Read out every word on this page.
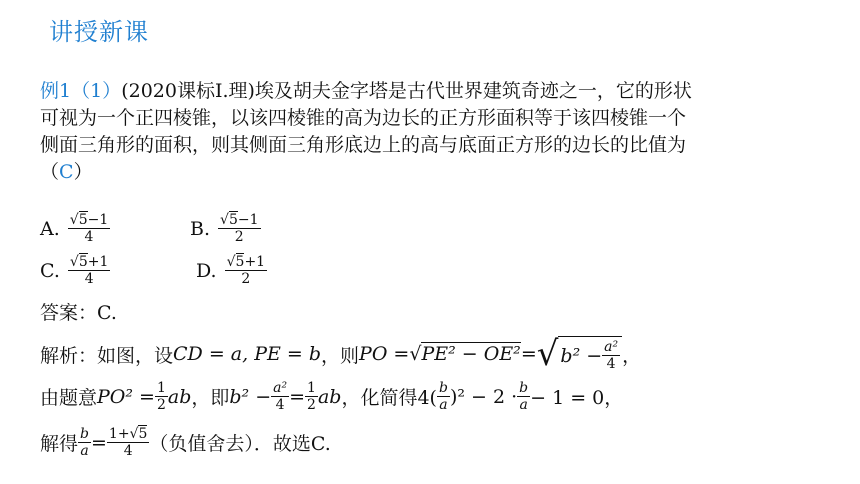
讲授新课
例1（1）(2020课标Ⅰ.理)埃及胡夫金字塔是古代世界建筑奇迹之一，它的形状
可视为一个正四棱锥，以该四棱锥的高为边长的正方形面积等于该四棱锥一个
侧面三角形的面积，则其侧面三角形底边上的高与底面正方形的边长的比值为
（C）
A. $\frac{√5-1}{4}$	B. $\frac{√5-1}{2}$
C. $\frac{√5+1}{4}$	D. $\frac{√5+1}{2}$
答案：C.
解析：如图，设 CD = a, PE = b ，则 PO = √PE² − OE² = √ $b^2 - \frac{\text{a²}}{4}$ ，
由题意 $PO^2 = \frac{1}{2}$ ab ，即 $b^2 - \frac{\text{a²}}{4} = \frac{1}{2}$ ab ，化简得$4( \frac{b}{a} )^2 - 2 \cdot \frac{b}{a} - 1 = 0$，
解得 $\frac{b}{a} = \frac{1+√5}{4}$ （负值舍去）．故选C.
